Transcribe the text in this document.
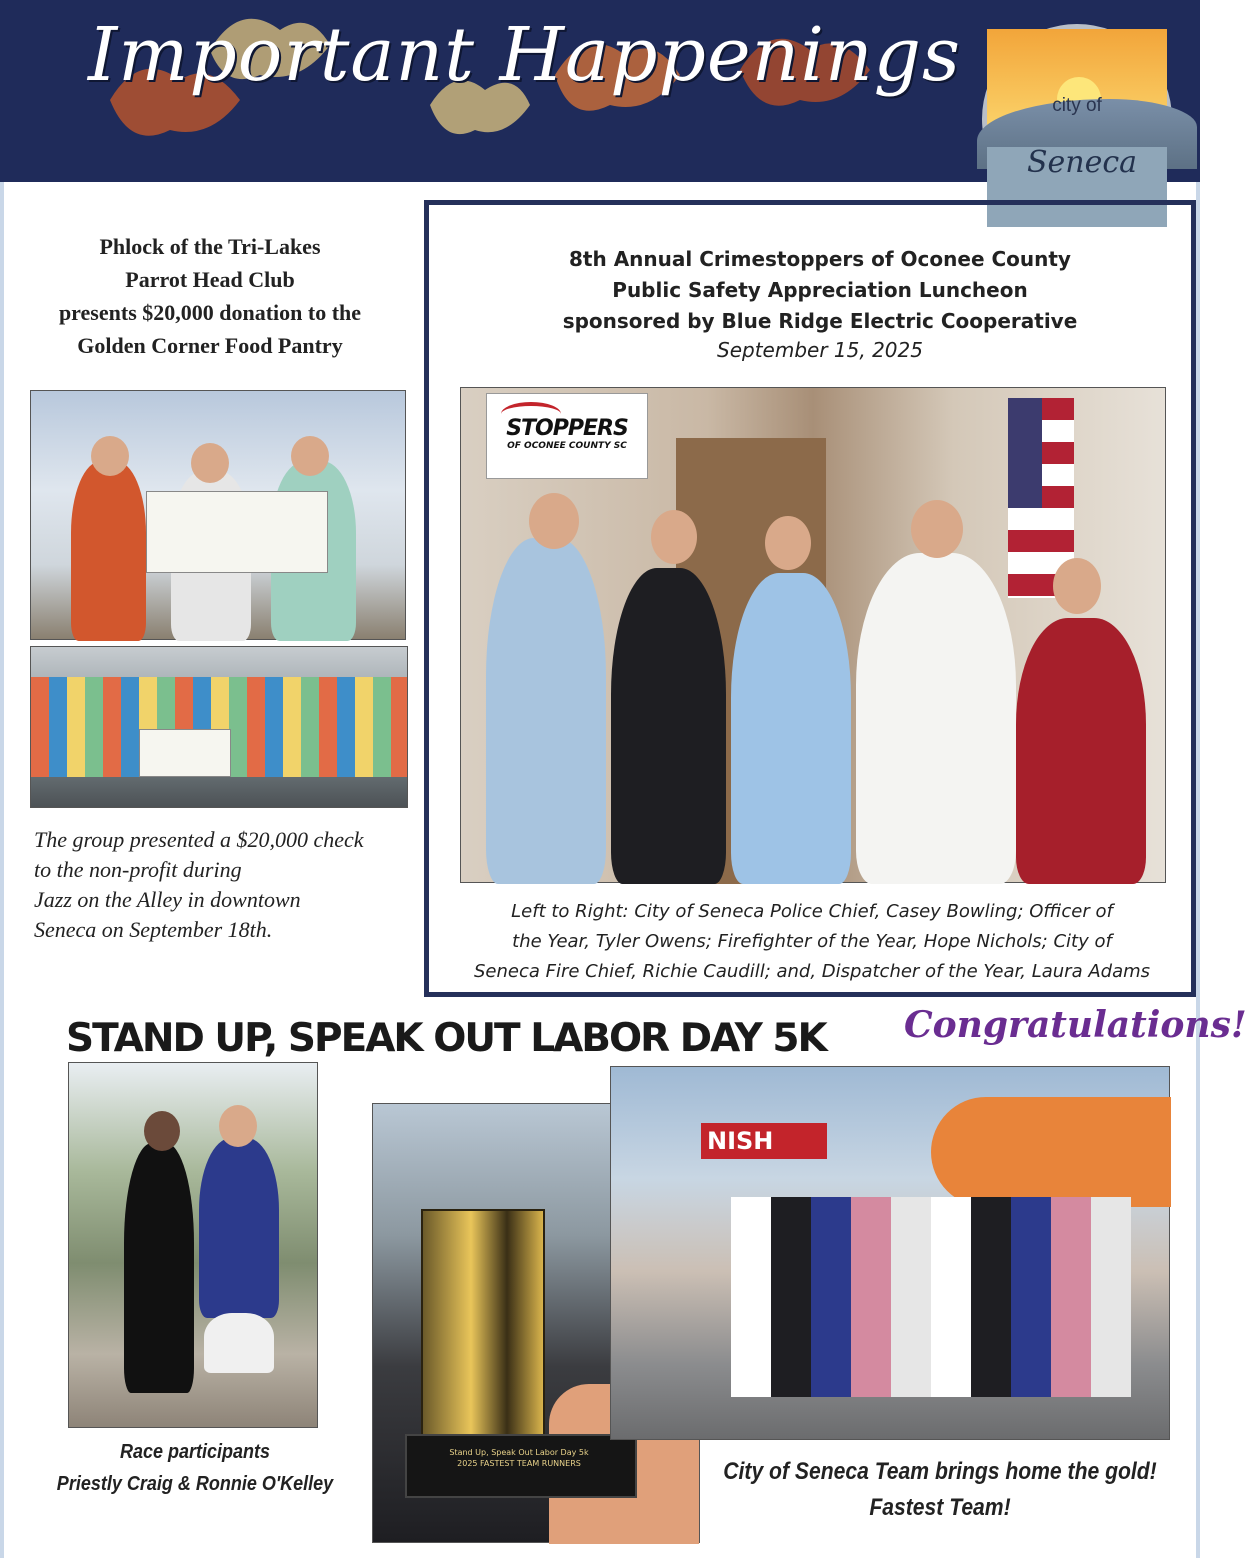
Important Happenings
city of
Seneca
Phlock of the Tri-Lakes
Parrot Head Club
presents $20,000 donation to the
Golden Corner Food Pantry
The group presented a $20,000 check
to the non-profit during
Jazz on the Alley in downtown
Seneca on September 18th.
8th Annual Crimestoppers of Oconee County
Public Safety Appreciation Luncheon
sponsored by Blue Ridge Electric Cooperative
September 15, 2025
STOPPERS
OF OCONEE COUNTY SC
Left to Right: City of Seneca Police Chief, Casey Bowling; Officer of
the Year, Tyler Owens; Firefighter of the Year, Hope Nichols; City of
Seneca Fire Chief, Richie Caudill; and, Dispatcher of the Year, Laura Adams
STAND UP, SPEAK OUT LABOR DAY 5K Congratulations!
Race participants
Priestly Craig & Ronnie O'Kelley
Stand Up, Speak Out Labor Day 5k
2025 FASTEST TEAM RUNNERS
NISH
City of Seneca Team brings home the gold!
Fastest Team!
